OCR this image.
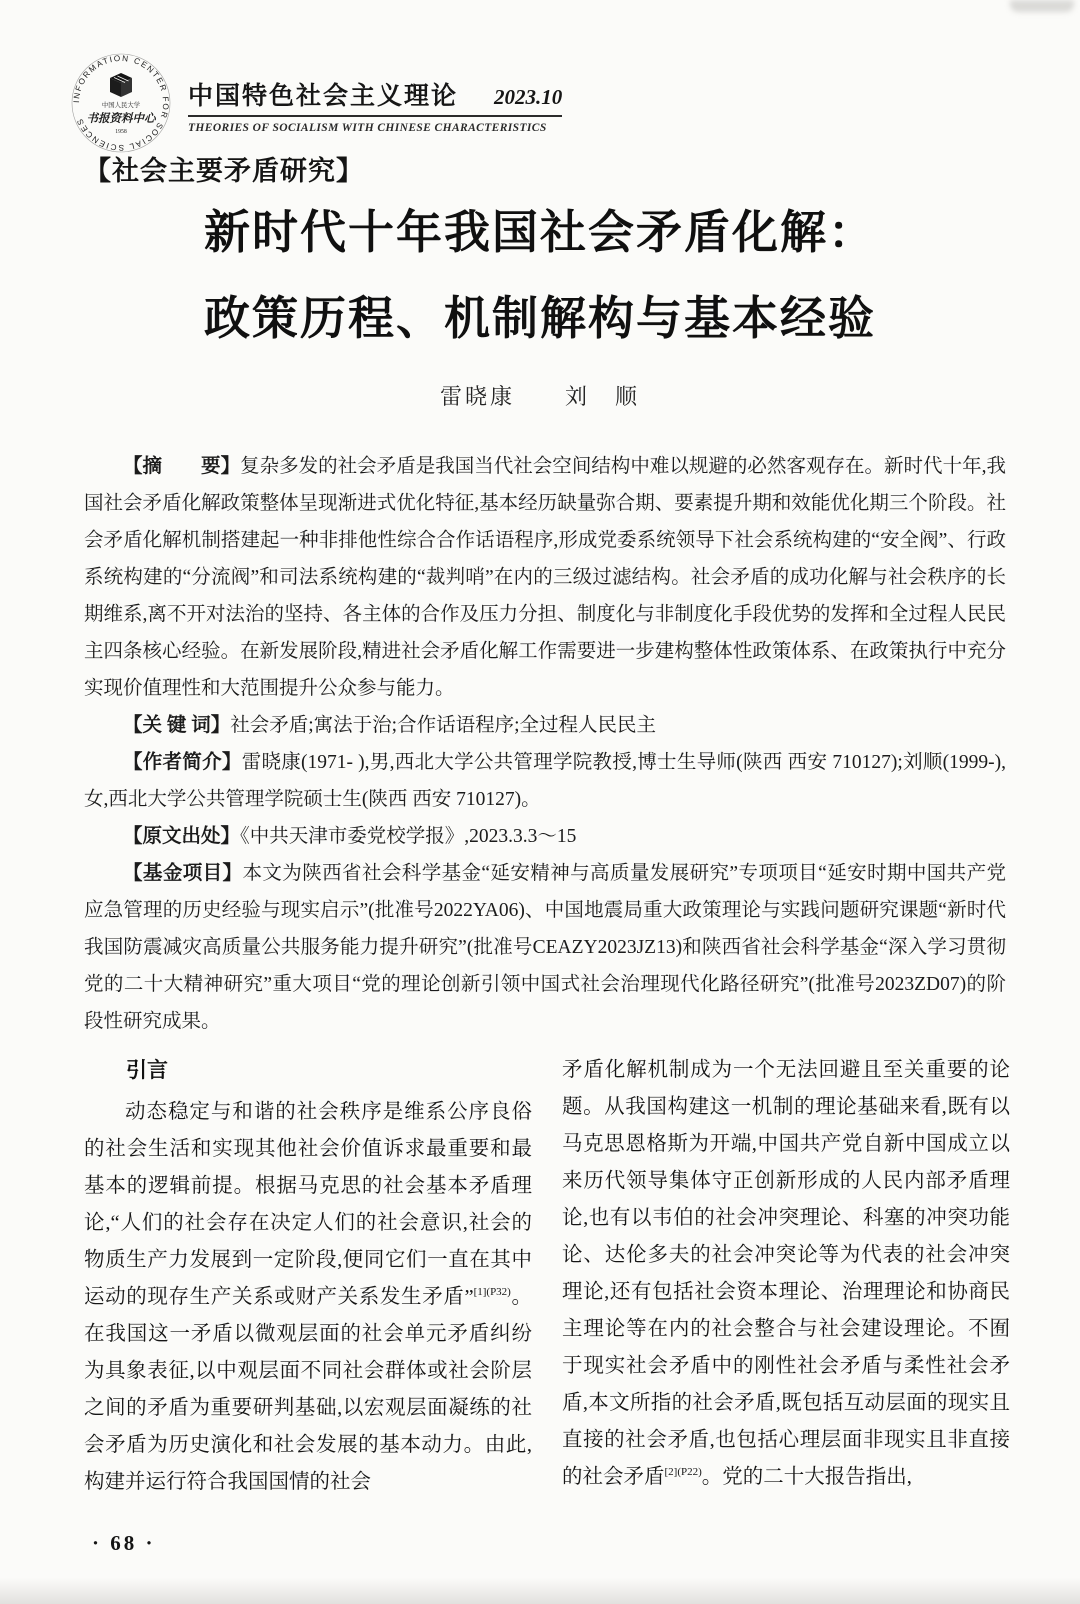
INFORMATION CENTER FOR SOCIAL SCIENCES
中国人民大学
书报资料中心
1958
中国特色社会主义理论 2023.10
THEORIES OF SOCIALISM WITH CHINESE CHARACTERISTICS
【社会主要矛盾研究】
新时代十年我国社会矛盾化解：
政策历程、机制解构与基本经验
雷晓康　　刘　顺

【摘　　要】复杂多发的社会矛盾是我国当代社会空间结构中难以规避的必然客观存在。新时代十年,我国社会矛盾化解政策整体呈现渐进式优化特征,基本经历缺量弥合期、要素提升期和效能优化期三个阶段。社会矛盾化解机制搭建起一种非排他性综合合作话语程序,形成党委系统领导下社会系统构建的“安全阀”、行政系统构建的“分流阀”和司法系统构建的“裁判哨”在内的三级过滤结构。社会矛盾的成功化解与社会秩序的长期维系,离不开对法治的坚持、各主体的合作及压力分担、制度化与非制度化手段优势的发挥和全过程人民民主四条核心经验。在新发展阶段,精进社会矛盾化解工作需要进一步建构整体性政策体系、在政策执行中充分实现价值理性和大范围提升公众参与能力。

【关 键 词】社会矛盾;寓法于治;合作话语程序;全过程人民民主

【作者简介】雷晓康(1971- ),男,西北大学公共管理学院教授,博士生导师(陕西 西安 710127);刘顺(1999-),女,西北大学公共管理学院硕士生(陕西 西安 710127)。

【原文出处】《中共天津市委党校学报》,2023.3.3～15

【基金项目】本文为陕西省社会科学基金“延安精神与高质量发展研究”专项项目“延安时期中国共产党应急管理的历史经验与现实启示”(批准号2022YA06)、中国地震局重大政策理论与实践问题研究课题“新时代我国防震减灾高质量公共服务能力提升研究”(批准号CEAZY2023JZ13)和陕西省社会科学基金“深入学习贯彻党的二十大精神研究”重大项目“党的理论创新引领中国式社会治理现代化路径研究”(批准号2023ZD07)的阶段性研究成果。

引言

动态稳定与和谐的社会秩序是维系公序良俗的社会生活和实现其他社会价值诉求最重要和最基本的逻辑前提。根据马克思的社会基本矛盾理论,“人们的社会存在决定人们的社会意识,社会的物质生产力发展到一定阶段,便同它们一直在其中运动的现存生产关系或财产关系发生矛盾”$^{[1](P32)}$。在我国这一矛盾以微观层面的社会单元矛盾纠纷为具象表征,以中观层面不同社会群体或社会阶层之间的矛盾为重要研判基础,以宏观层面凝练的社会矛盾为历史演化和社会发展的基本动力。由此,构建并运行符合我国国情的社会

矛盾化解机制成为一个无法回避且至关重要的论题。从我国构建这一机制的理论基础来看,既有以马克思恩格斯为开端,中国共产党自新中国成立以来历代领导集体守正创新形成的人民内部矛盾理论,也有以韦伯的社会冲突理论、科塞的冲突功能论、达伦多夫的社会冲突论等为代表的社会冲突理论,还有包括社会资本理论、治理理论和协商民主理论等在内的社会整合与社会建设理论。不囿于现实社会矛盾中的刚性社会矛盾与柔性社会矛盾,本文所指的社会矛盾,既包括互动层面的现实且直接的社会矛盾,也包括心理层面非现实且非直接的社会矛盾$^{[2](P22)}$。党的二十大报告指出,

· 68 ·
